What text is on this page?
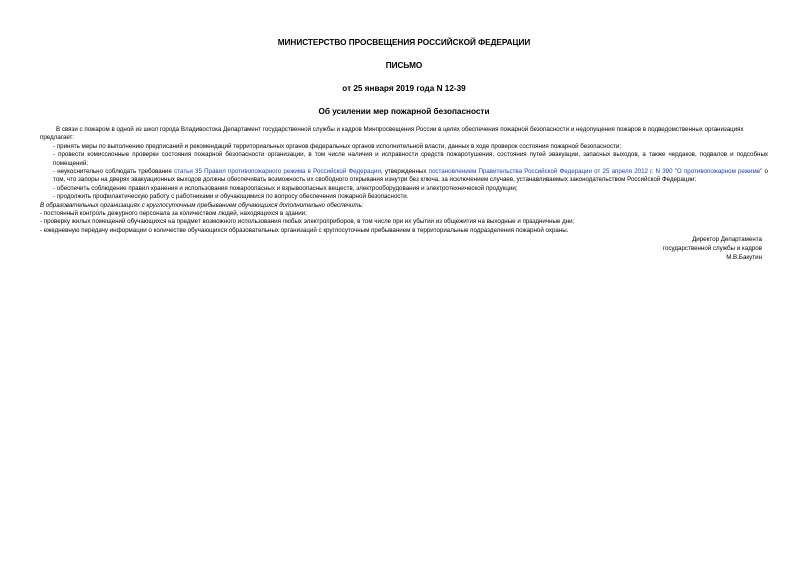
МИНИСТЕРСТВО ПРОСВЕЩЕНИЯ РОССИЙСКОЙ ФЕДЕРАЦИИ
ПИСЬМО
от 25 января 2019 года N 12-39
Об усилении мер пожарной безопасности
В связи с пожаром в одной из школ города Владивостока Департамент государственной службы и кадров Минпросвещения России в целях обеспечения пожарной безопасности и недопущения пожаров в подведомственных организациях
предлагает:
- принять меры по выполнению предписаний и рекомендаций территориальных органов федеральных органов исполнительной власти, данных в ходе проверок состояния пожарной безопасности;
- провести комиссионные проверки состояния пожарной безопасности организации, в том числе наличия и исправности средств пожаротушения, состояния путей эвакуации, запасных выходов, а также чердаков, подвалов и подсобных помещений;
- неукоснительно соблюдать требование статьи 35 Правил противопожарного режима в Российской Федерации, утвержденных постановлением Правительства Российской Федерации от 25 апреля 2012 г. N 390 "О противопожарном режиме" о том, что запоры на дверях эвакуационных выходов должны обеспечивать возможность их свободного открывания изнутри без ключа, за исключением случаев, устанавливаемых законодательством Российской Федерации;
- обеспечить соблюдение правил хранения и использования пожароопасных и взрывоопасных веществ, электрооборудования и электротехнической продукции;
- продолжить профилактическую работу с работниками и обучающимися по вопросу обеспечения пожарной безопасности.
В образовательных организациях с круглосуточным пребыванием обучающихся дополнительно обеспечить:
- постоянный контроль дежурного персонала за количеством людей, находящихся в здании;
- проверку жилых помещений обучающихся на предмет возможного использования любых электроприборов, в том числе при их убытии из общежития на выходные и праздничные дни;
- ежедневную передачу информации о количестве обучающихся образовательных организаций с круглосуточным пребыванием в территориальные подразделения пожарной охраны.
Директор Департамента
государственной службы и кадров
М.В.Бакутин
